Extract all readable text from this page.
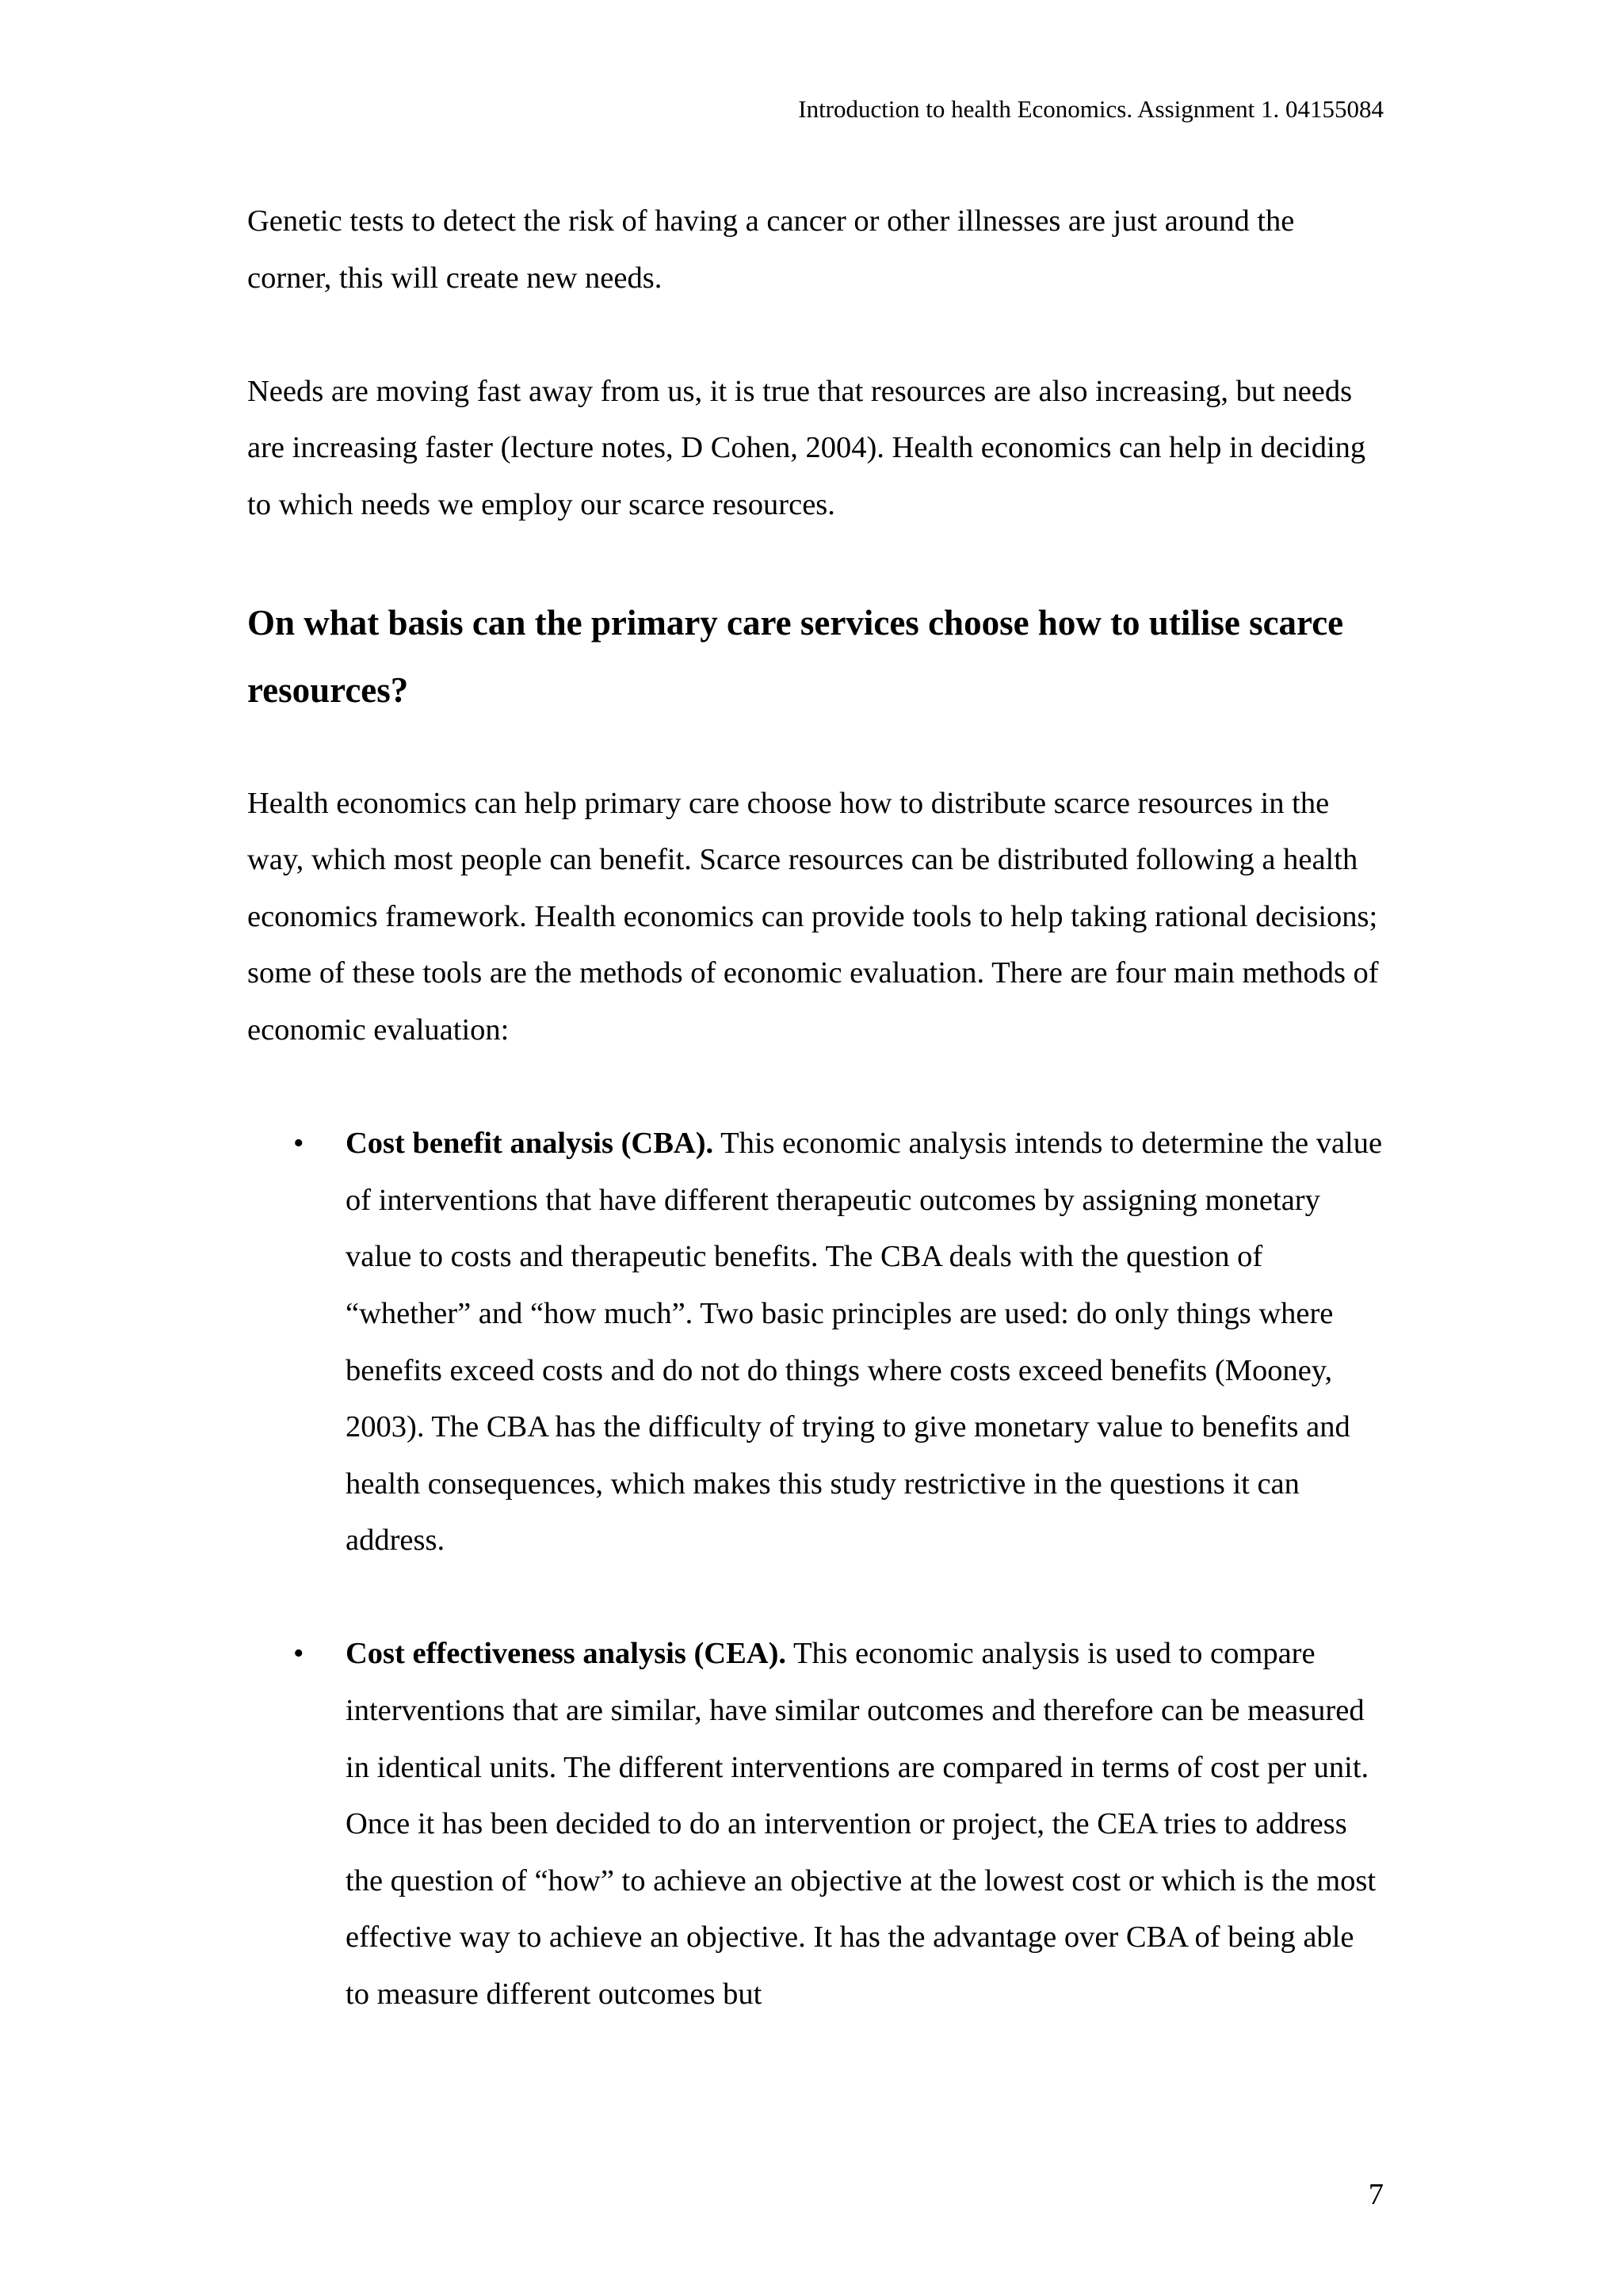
Introduction to health Economics. Assignment 1. 04155084

Genetic tests to detect the risk of having a cancer or other illnesses are just around the corner, this will create new needs.

Needs are moving fast away from us, it is true that resources are also increasing, but needs are increasing faster (lecture notes, D Cohen, 2004). Health economics can help in deciding to which needs we employ our scarce resources.

On what basis can the primary care services choose how to utilise scarce resources?

Health economics can help primary care choose how to distribute scarce resources in the way, which most people can benefit. Scarce resources can be distributed following a health economics framework. Health economics can provide tools to help taking rational decisions; some of these tools are the methods of economic evaluation. There are four main methods of economic evaluation:

• Cost benefit analysis (CBA). This economic analysis intends to determine the value of interventions that have different therapeutic outcomes by assigning monetary value to costs and therapeutic benefits. The CBA deals with the question of “whether” and “how much”. Two basic principles are used: do only things where benefits exceed costs and do not do things where costs exceed benefits (Mooney, 2003). The CBA has the difficulty of trying to give monetary value to benefits and health consequences, which makes this study restrictive in the questions it can address.
• Cost effectiveness analysis (CEA). This economic analysis is used to compare interventions that are similar, have similar outcomes and therefore can be measured in identical units. The different interventions are compared in terms of cost per unit. Once it has been decided to do an intervention or project, the CEA tries to address the question of “how” to achieve an objective at the lowest cost or which is the most effective way to achieve an objective. It has the advantage over CBA of being able to measure different outcomes but
7
